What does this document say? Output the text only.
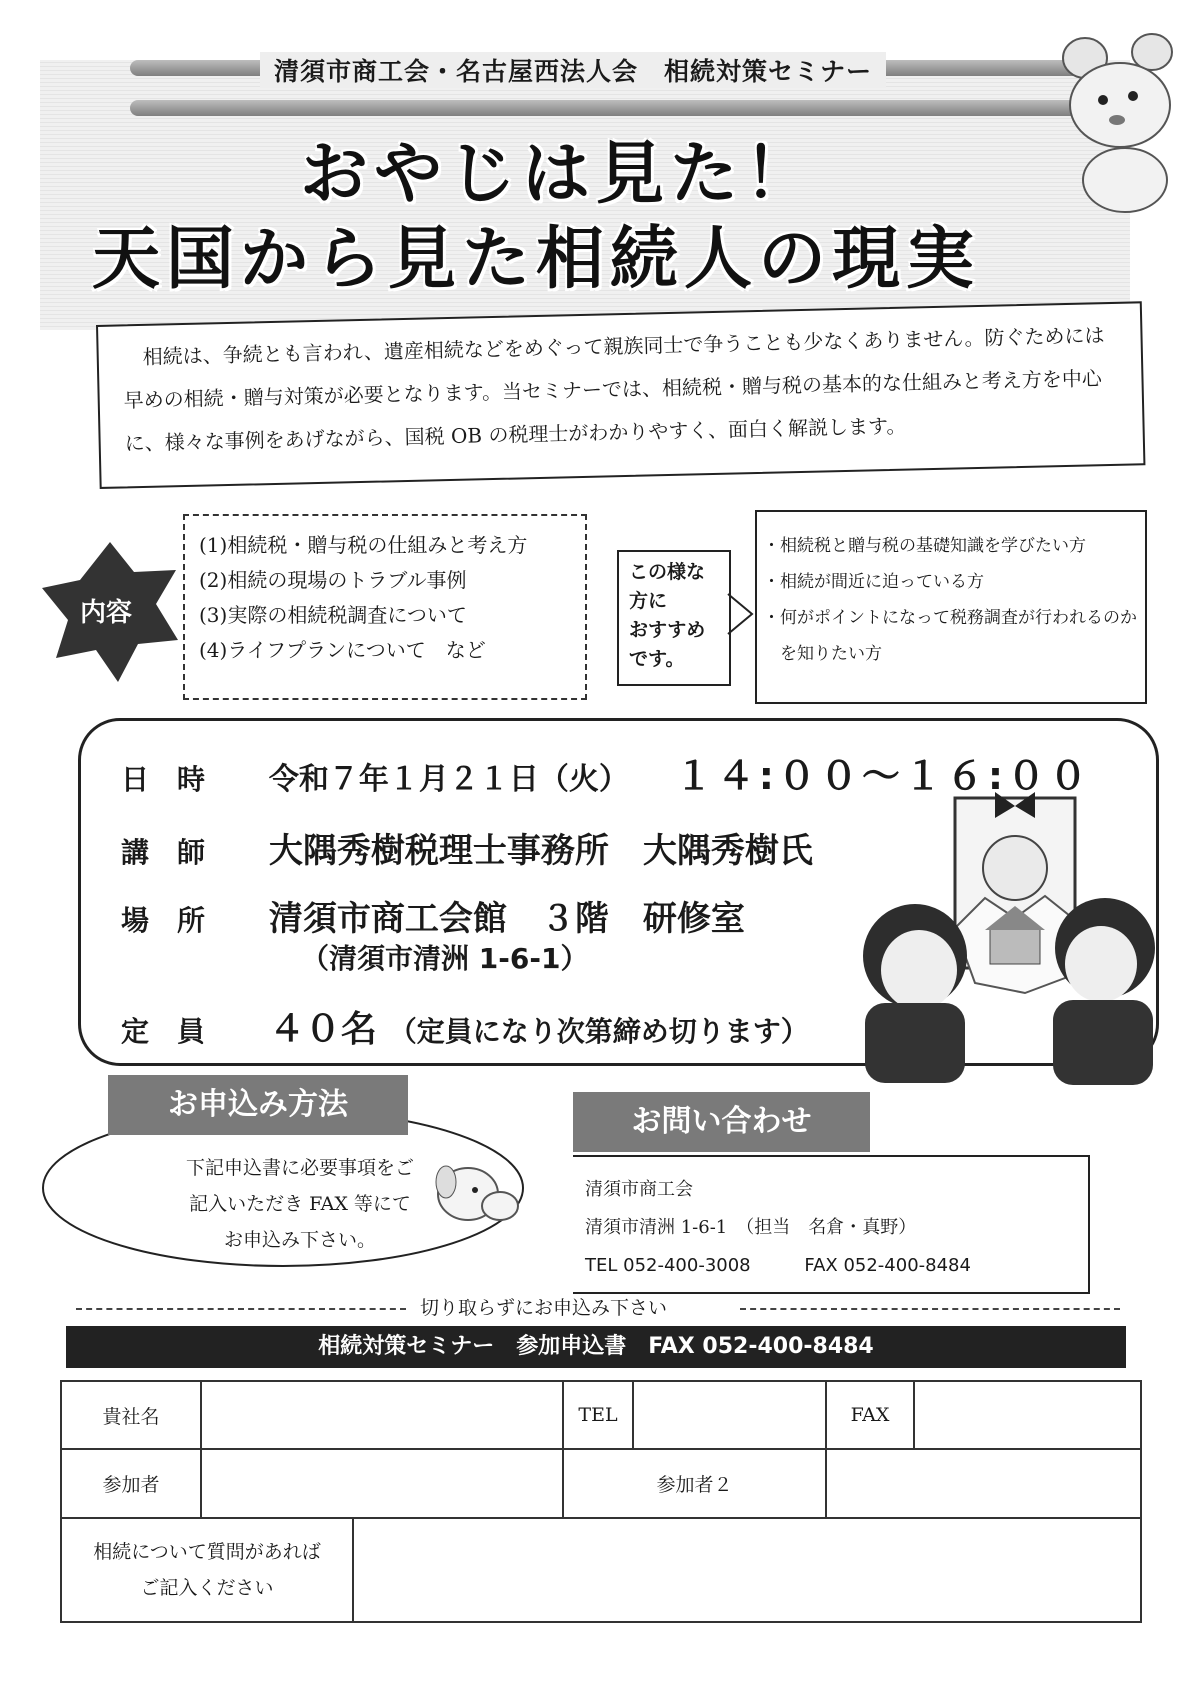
清須市商工会・名古屋西法人会　相続対策セミナー
おやじは見た！
天国から見た相続人の現実
相続は、争続とも言われ、遺産相続などをめぐって親族同士で争うことも少なくありません。防ぐためには早めの相続・贈与対策が必要となります。当セミナーでは、相続税・贈与税の基本的な仕組みと考え方を中心に、様々な事例をあげながら、国税 OB の税理士がわかりやすく、面白く解説します。
内容
(1)相続税・贈与税の仕組みと考え方
(2)相続の現場のトラブル事例
(3)実際の相続税調査について
(4)ライフプランについて　など
この様な
方に
おすすめ
です。
・相続税と贈与税の基礎知識を学びたい方
・相続が間近に迫っている方
・何がポイントになって税務調査が行われるのか
　を知りたい方
日時 令和７年１月２１日（火） １４:００～１６:００
講師 大隅秀樹税理士事務所　大隅秀樹氏
場所 清須市商工会館　３階　研修室
（清須市清洲 1-6-1）
定員 ４０名 （定員になり次第締め切ります）
お申込み方法
下記申込書に必要事項をご
記入いただき FAX 等にて
お申込み下さい。
お問い合わせ
清須市商工会
清須市清洲 1-6-1　（担当　名倉・真野）
TEL 052-400-3008	FAX 052-400-8484
切り取らずにお申込み下さい
相続対策セミナー　参加申込書　FAX 052-400-8484
貴社名			TEL		FAX	
参加者			参加者２			

相続について質問があれば
ご記入ください						
